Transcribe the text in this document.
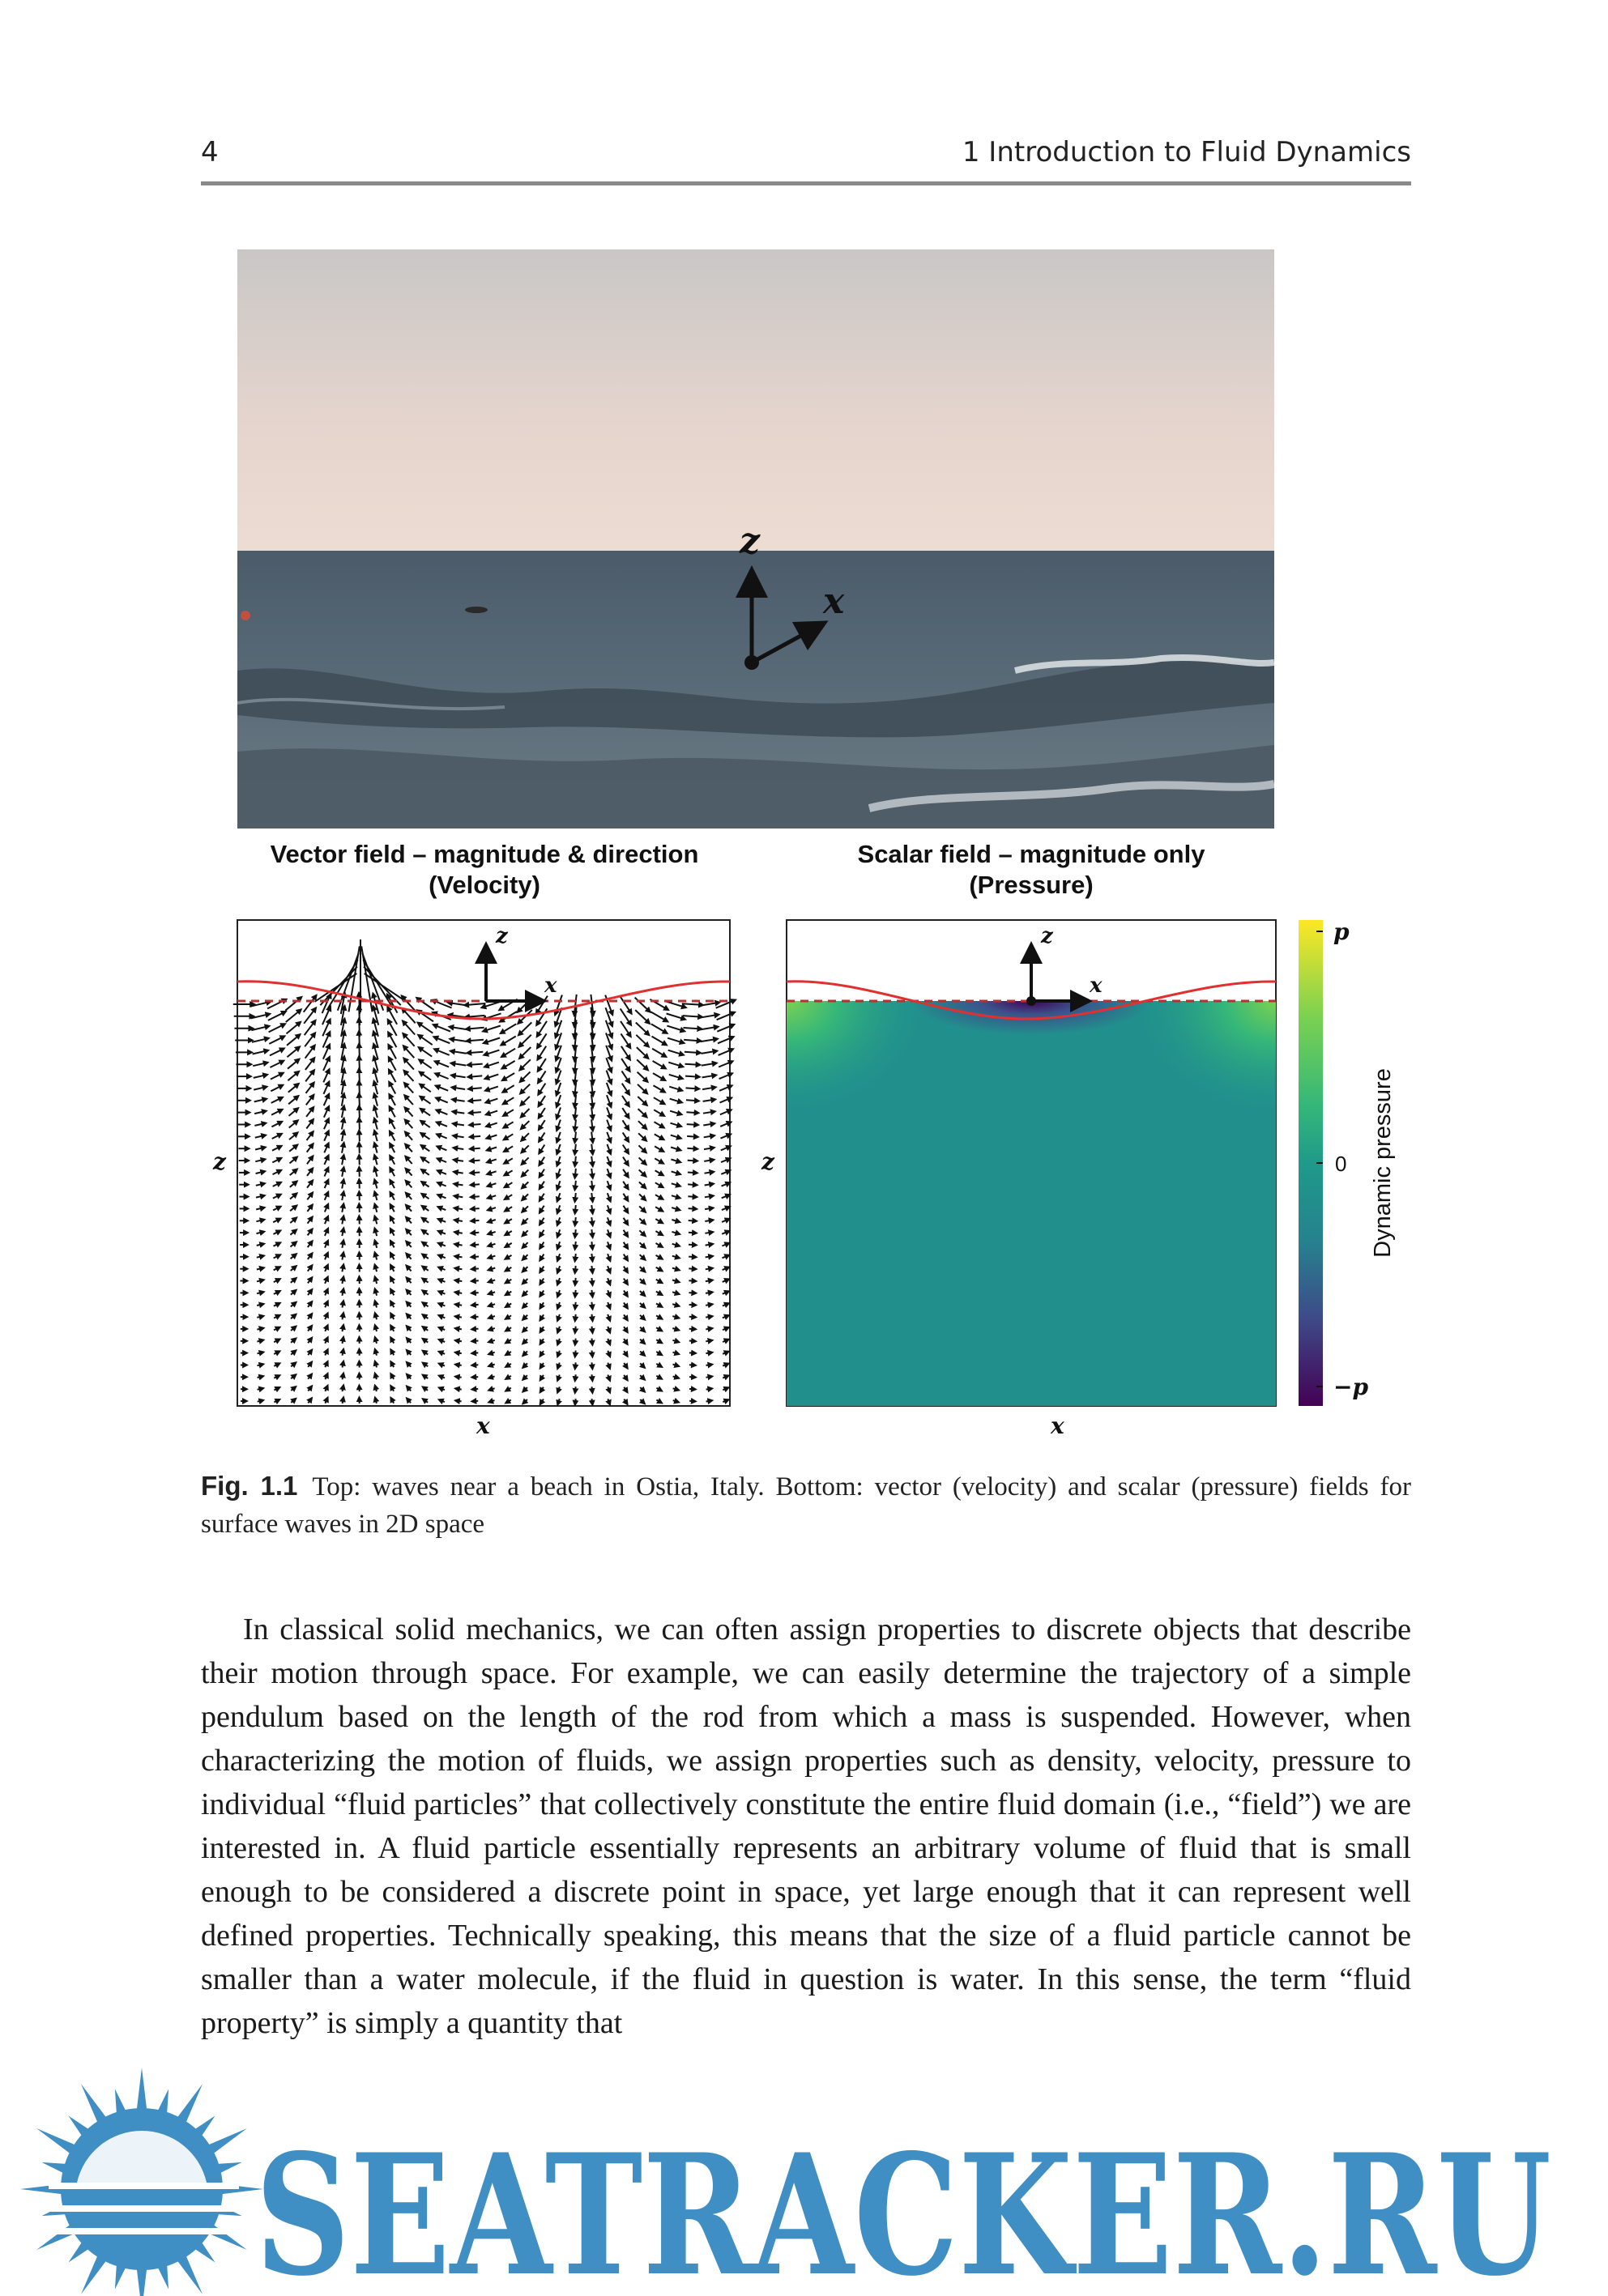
4	1 Introduction to Fluid Dynamics
z
x
Vector field – magnitude & direction
(Velocity)
Scalar field – magnitude only
(Pressure)
z
x
z
x
z
x
z
x
p
0
−p
Dynamic pressure
Fig. 1.1 Top: waves near a beach in Ostia, Italy. Bottom: vector (velocity) and scalar (pressure) fields for surface waves in 2D space

In classical solid mechanics, we can often assign properties to discrete objects that describe their motion through space. For example, we can easily determine the trajectory of a simple pendulum based on the length of the rod from which a mass is suspended. However, when characterizing the motion of fluids, we assign properties such as density, velocity, pressure to individual “fluid particles” that collectively constitute the entire fluid domain (i.e., “field”) we are interested in. A fluid particle essentially represents an arbitrary volume of fluid that is small enough to be considered a discrete point in space, yet large enough that it can represent well defined properties. Technically speaking, this means that the size of a fluid particle cannot be smaller than a water molecule, if the fluid in question is water. In this sense, the term “fluid property” is simply a quantity that

SEATRACKER.RU
